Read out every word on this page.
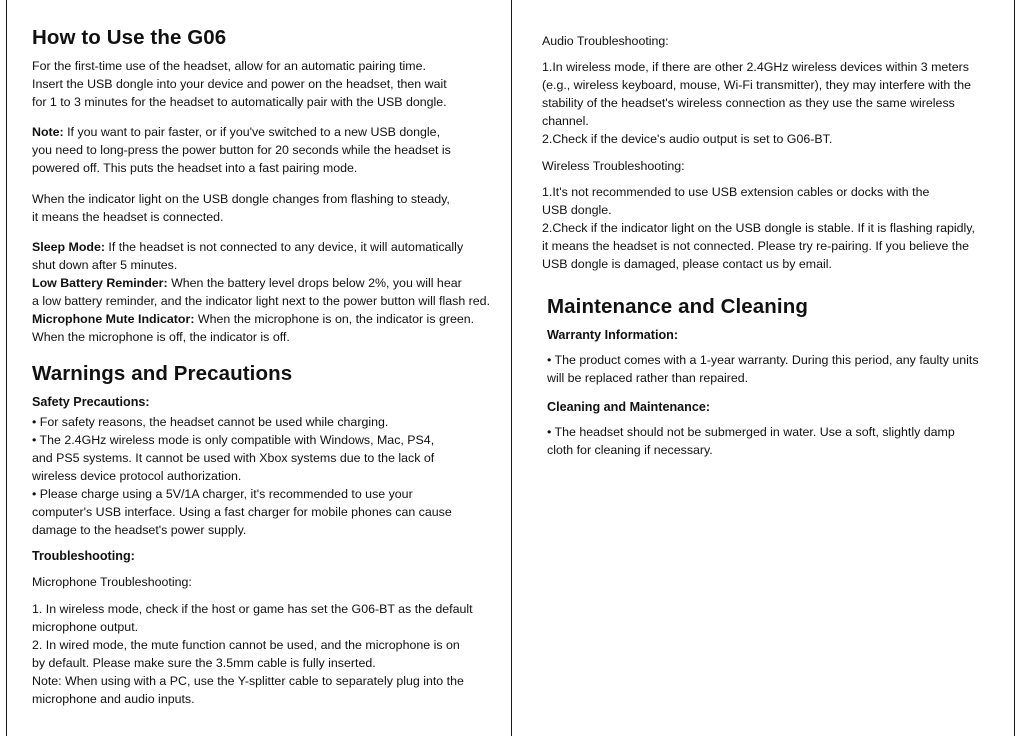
How to Use the G06

For the first-time use of the headset, allow for an automatic pairing time.
Insert the USB dongle into your device and power on the headset, then wait
for 1 to 3 minutes for the headset to automatically pair with the USB dongle.

Note: If you want to pair faster, or if you've switched to a new USB dongle,
you need to long-press the power button for 20 seconds while the headset is
powered off. This puts the headset into a fast pairing mode.

When the indicator light on the USB dongle changes from flashing to steady,
it means the headset is connected.

Sleep Mode: If the headset is not connected to any device, it will automatically
shut down after 5 minutes.

Low Battery Reminder: When the battery level drops below 2%, you will hear
a low battery reminder, and the indicator light next to the power button will flash red.

Microphone Mute Indicator: When the microphone is on, the indicator is green.
When the microphone is off, the indicator is off.

Warnings and Precautions
Safety Precautions:

• For safety reasons, the headset cannot be used while charging.
• The 2.4GHz wireless mode is only compatible with Windows, Mac, PS4,
and PS5 systems. It cannot be used with Xbox systems due to the lack of
wireless device protocol authorization.
• Please charge using a 5V/1A charger, it's recommended to use your
computer's USB interface. Using a fast charger for mobile phones can cause
damage to the headset's power supply.

Troubleshooting:

Microphone Troubleshooting:

1. In wireless mode, check if the host or game has set the G06-BT as the default
microphone output.
2. In wired mode, the mute function cannot be used, and the microphone is on
by default. Please make sure the 3.5mm cable is fully inserted.
Note: When using with a PC, use the Y-splitter cable to separately plug into the
microphone and audio inputs.

Audio Troubleshooting:

1.In wireless mode, if there are other 2.4GHz wireless devices within 3 meters
(e.g., wireless keyboard, mouse, Wi-Fi transmitter), they may interfere with the
stability of the headset's wireless connection as they use the same wireless
channel.
2.Check if the device's audio output is set to G06-BT.

Wireless Troubleshooting:

1.It's not recommended to use USB extension cables or docks with the
USB dongle.
2.Check if the indicator light on the USB dongle is stable. If it is flashing rapidly,
it means the headset is not connected. Please try re-pairing. If you believe the
USB dongle is damaged, please contact us by email.

Maintenance and Cleaning
Warranty Information:

• The product comes with a 1-year warranty. During this period, any faulty units
will be replaced rather than repaired.

Cleaning and Maintenance:

• The headset should not be submerged in water. Use a soft, slightly damp
cloth for cleaning if necessary.
